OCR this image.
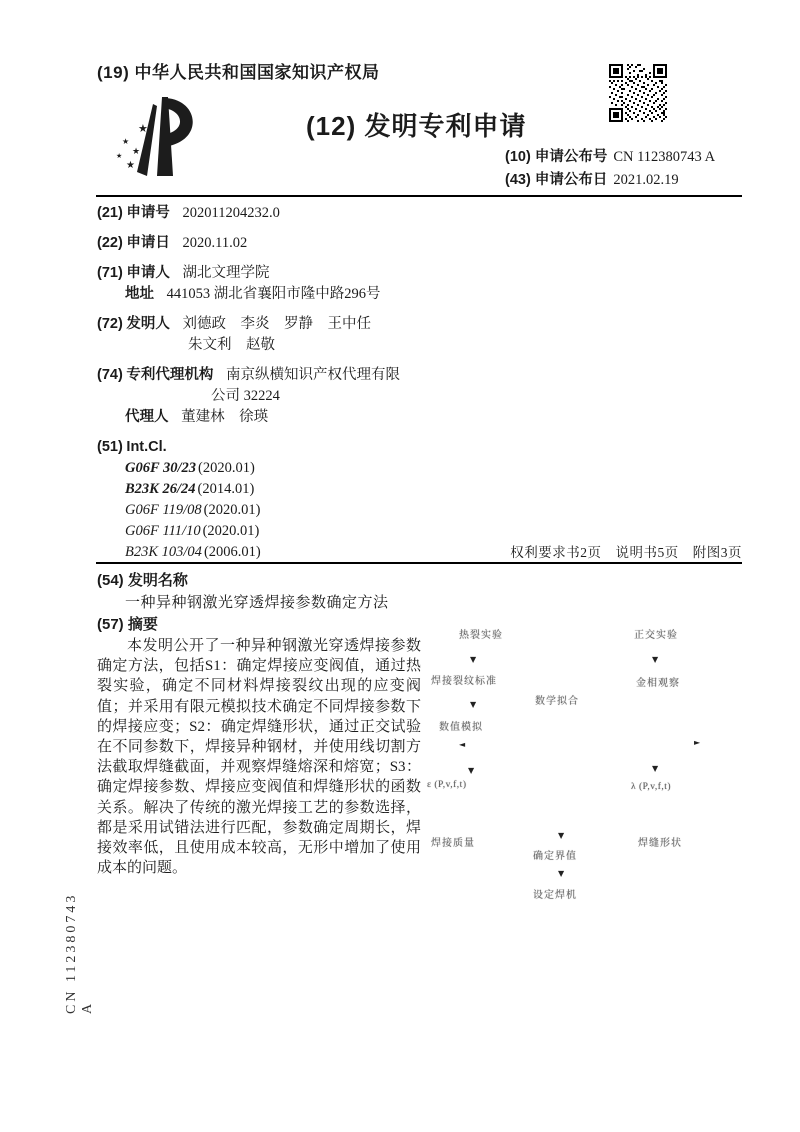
(19) 中华人民共和国国家知识产权局
★
★
★
★
★
(12) 发明专利申请
(10) 申请公布号 CN 112380743 A
(43) 申请公布日 2021.02.19
(21) 申请号 202011204232.0
(22) 申请日 2020.11.02
(71) 申请人 湖北文理学院
地址 441053 湖北省襄阳市隆中路296号
(72) 发明人 刘德政　李炎　罗静　王中任
朱文利　赵敬
(74) 专利代理机构 南京纵横知识产权代理有限
公司 32224
代理人 董建林　徐瑛
(51) Int.Cl.
G06F 30/23 (2020.01)
B23K 26/24 (2014.01)
G06F 119/08 (2020.01)
G06F 111/10 (2020.01)
B23K 103/04 (2006.01)	权利要求书2页　说明书5页　附图3页
(54) 发明名称
一种异种钢激光穿透焊接参数确定方法
(57) 摘要
本发明公开了一种异种钢激光穿透焊接参数确定方法，包括S1：确定焊接应变阀值，通过热裂实验，确定不同材料焊接裂纹出现的应变阀值；并采用有限元模拟技术确定不同焊接参数下的焊接应变；S2：确定焊缝形状，通过正交试验在不同参数下，焊接异种钢材，并使用线切割方法截取焊缝截面，并观察焊缝熔深和熔宽；S3：确定焊接参数、焊接应变阀值和焊缝形状的函数关系。解决了传统的激光焊接工艺的参数选择，都是采用试错法进行匹配，参数确定周期长，焊接效率低，且使用成本较高，无形中增加了使用成本的问题。
热裂实验
▼
焊接裂纹标准
▼
数值模拟
◄
▼
ε (P,v,f,t)
焊接质量
正交实验
▼
金相观察
►
▼
λ (P,v,f,t)
焊缝形状
数学拟合
▼
确定界值
▼
设定焊机
CN 112380743 A
